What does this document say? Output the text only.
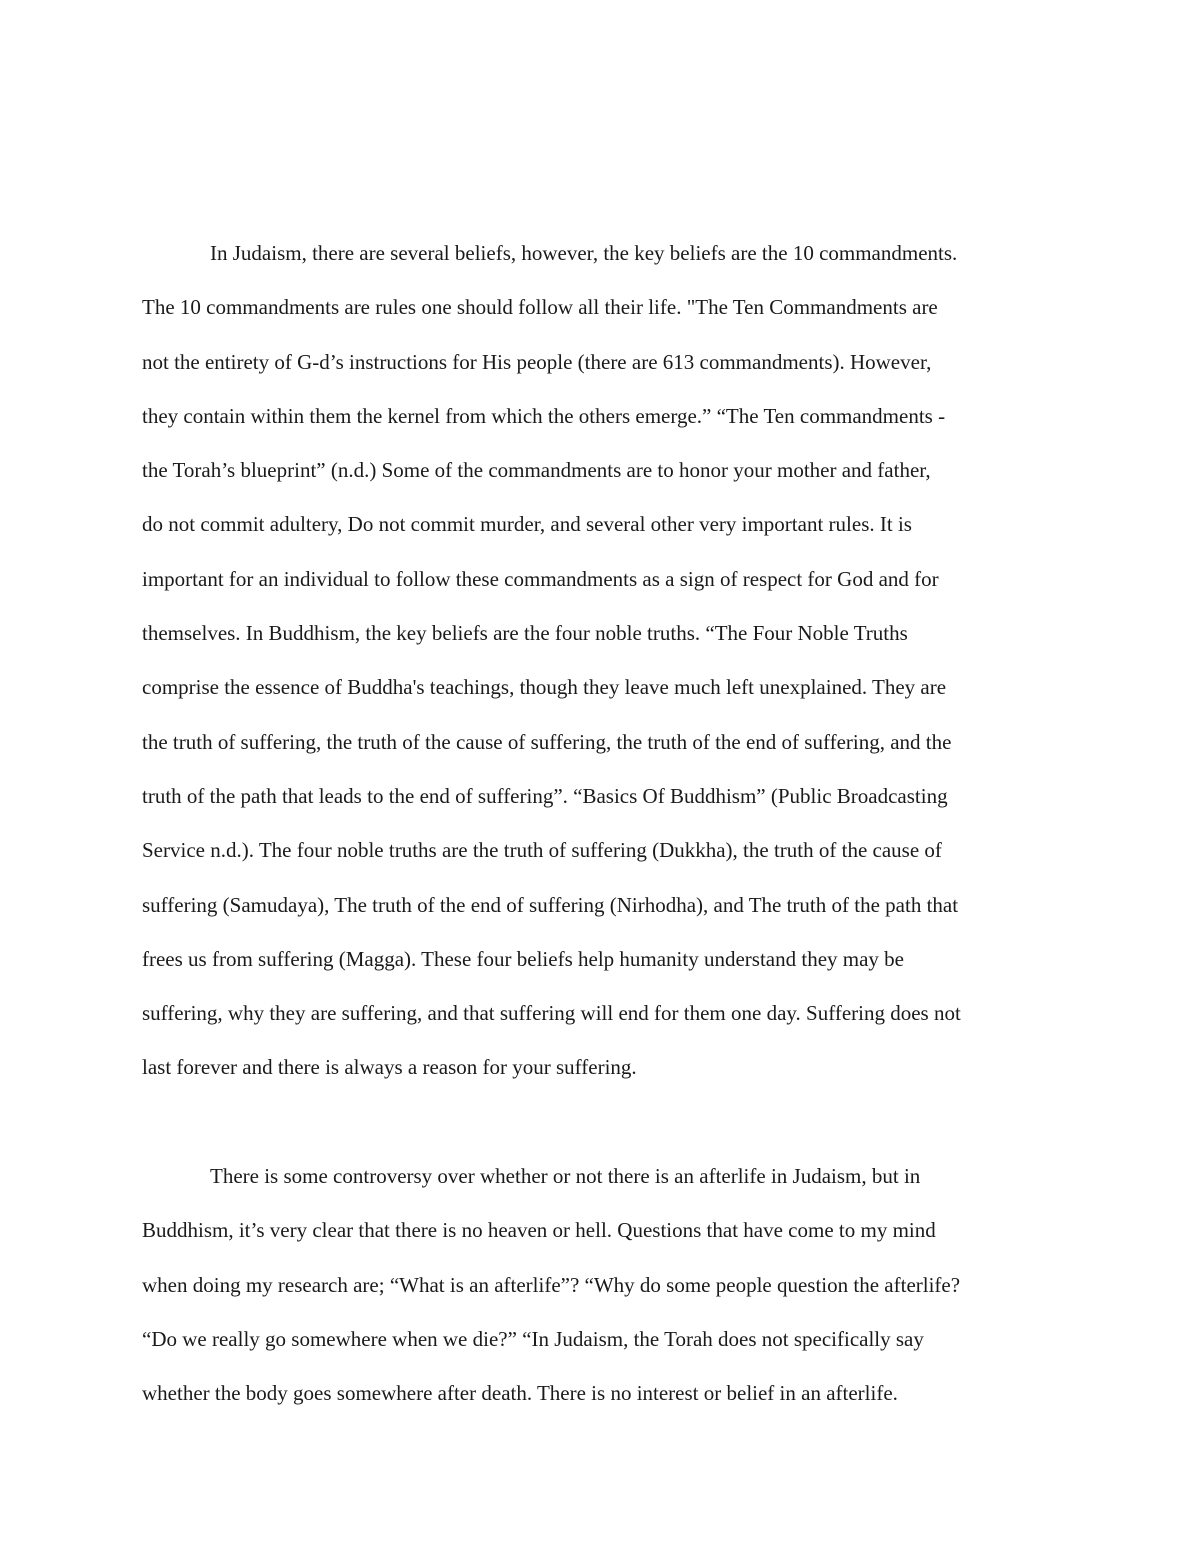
In Judaism, there are several beliefs, however, the key beliefs are the 10 commandments.
The 10 commandments are rules one should follow all their life. "The Ten Commandments are
not the entirety of G-d’s instructions for His people (there are 613 commandments). However,
they contain within them the kernel from which the others emerge.” “The Ten commandments -
the Torah’s blueprint” (n.d.) Some of the commandments are to honor your mother and father,
do not commit adultery, Do not commit murder, and several other very important rules. It is
important for an individual to follow these commandments as a sign of respect for God and for
themselves. In Buddhism, the key beliefs are the four noble truths. “The Four Noble Truths
comprise the essence of Buddha's teachings, though they leave much left unexplained. They are
the truth of suffering, the truth of the cause of suffering, the truth of the end of suffering, and the
truth of the path that leads to the end of suffering”. “Basics Of Buddhism” (Public Broadcasting
Service n.d.). The four noble truths are the truth of suffering (Dukkha), the truth of the cause of
suffering (Samudaya), The truth of the end of suffering (Nirhodha), and The truth of the path that
frees us from suffering (Magga). These four beliefs help humanity understand they may be
suffering, why they are suffering, and that suffering will end for them one day. Suffering does not
last forever and there is always a reason for your suffering.
There is some controversy over whether or not there is an afterlife in Judaism, but in
Buddhism, it’s very clear that there is no heaven or hell. Questions that have come to my mind
when doing my research are; “What is an afterlife”? “Why do some people question the afterlife?
“Do we really go somewhere when we die?” “In Judaism, the Torah does not specifically say
whether the body goes somewhere after death. There is no interest or belief in an afterlife.
